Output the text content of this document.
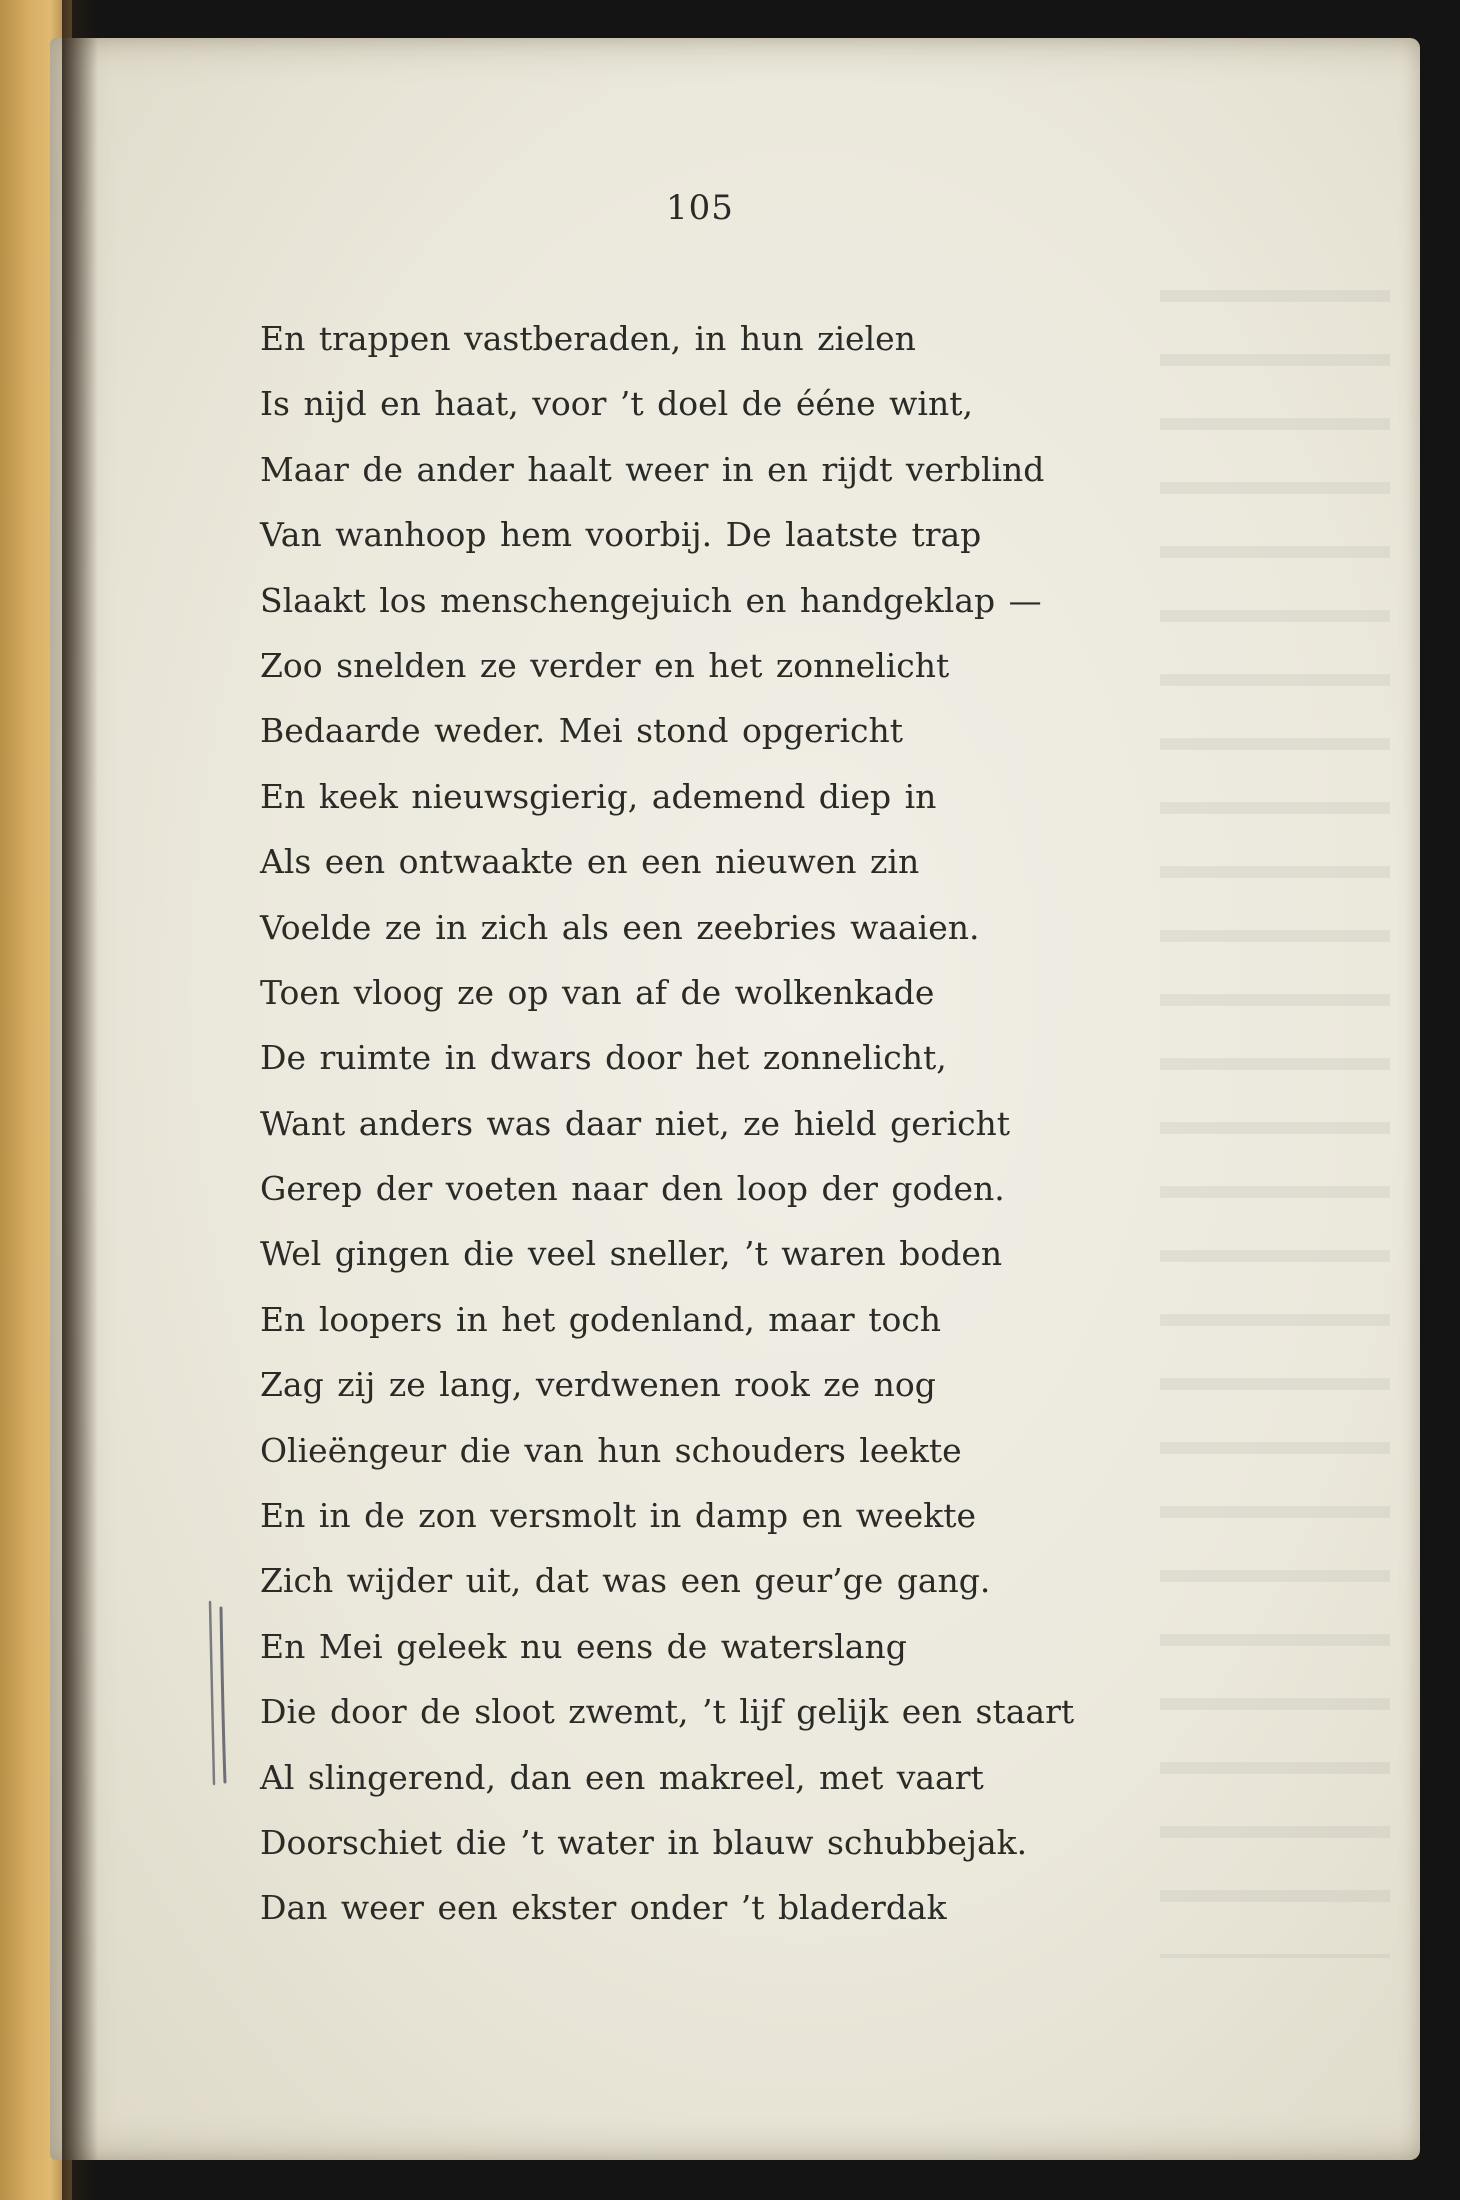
105
En trappen vastberaden, in hun zielen
Is nijd en haat, voor ’t doel de ééne wint,
Maar de ander haalt weer in en rijdt verblind
Van wanhoop hem voorbij. De laatste trap
Slaakt los menschengejuich en handgeklap —
Zoo snelden ze verder en het zonnelicht
Bedaarde weder. Mei stond opgericht
En keek nieuwsgierig, ademend diep in
Als een ontwaakte en een nieuwen zin
Voelde ze in zich als een zeebries waaien.
Toen vloog ze op van af de wolkenkade
De ruimte in dwars door het zonnelicht,
Want anders was daar niet, ze hield gericht
Gerep der voeten naar den loop der goden.
Wel gingen die veel sneller, ’t waren boden
En loopers in het godenland, maar toch
Zag zij ze lang, verdwenen rook ze nog
Olieëngeur die van hun schouders leekte
En in de zon versmolt in damp en weekte
Zich wijder uit, dat was een geur’ge gang.
En Mei geleek nu eens de waterslang
Die door de sloot zwemt, ’t lijf gelijk een staart
Al slingerend, dan een makreel, met vaart
Doorschiet die ’t water in blauw schubbejak.
Dan weer een ekster onder ’t bladerdak
